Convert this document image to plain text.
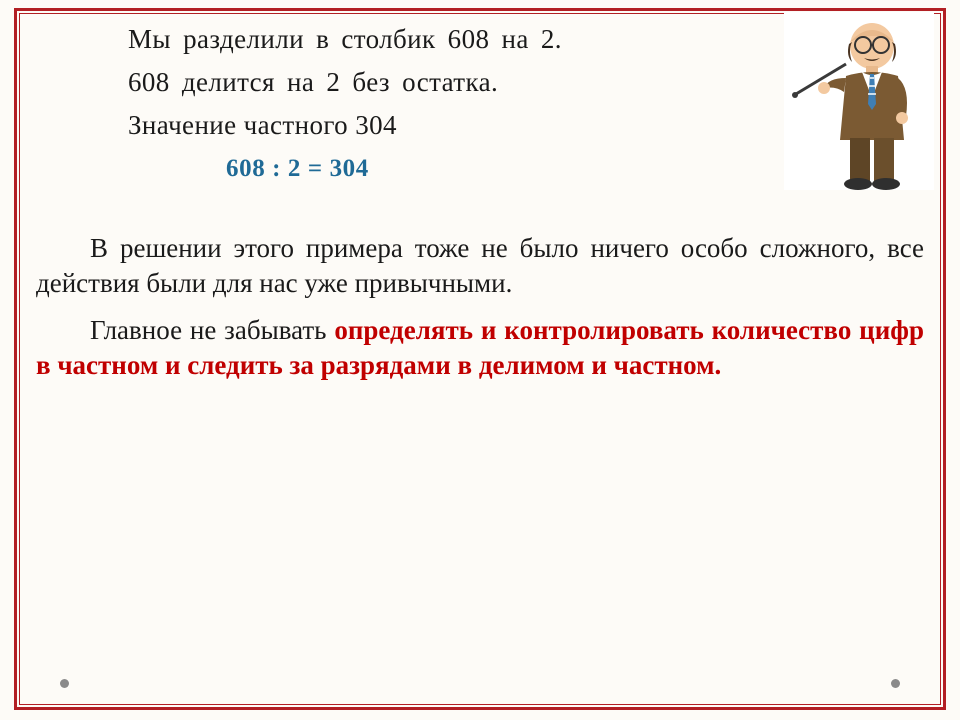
Мы разделили в столбик 608 на 2.

608 делится на 2 без остатка.

Значение частного 304

608 : 2 = 304

В решении этого примера тоже не было ничего особо сложного, все действия были для нас уже привычными.

Главное не забывать определять и контролировать количество цифр в частном и следить за разрядами в делимом и частном.
